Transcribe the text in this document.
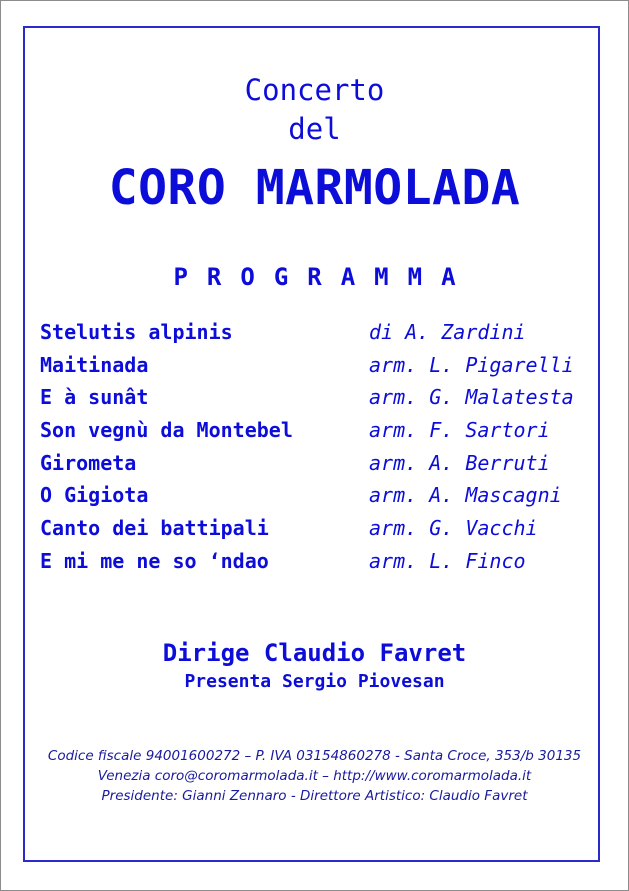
Concerto
del
CORO MARMOLADA
PROGRAMMA
Stelutis alpinis	di A. Zardini
Maitinada	arm. L. Pigarelli
E à sunât	arm. G. Malatesta
Son vegnù da Montebel	arm. F. Sartori
Girometa	arm. A. Berruti
O Gigiota	arm. A. Mascagni
Canto dei battipali	arm. G. Vacchi
E mi me ne so ‘ndao	arm. L. Finco
Dirige Claudio Favret
Presenta Sergio Piovesan
Codice fiscale 94001600272 – P. IVA 03154860278 - Santa Croce, 353/b 30135
Venezia coro@coromarmolada.it – http://www.coromarmolada.it
Presidente: Gianni Zennaro - Direttore Artistico: Claudio Favret
